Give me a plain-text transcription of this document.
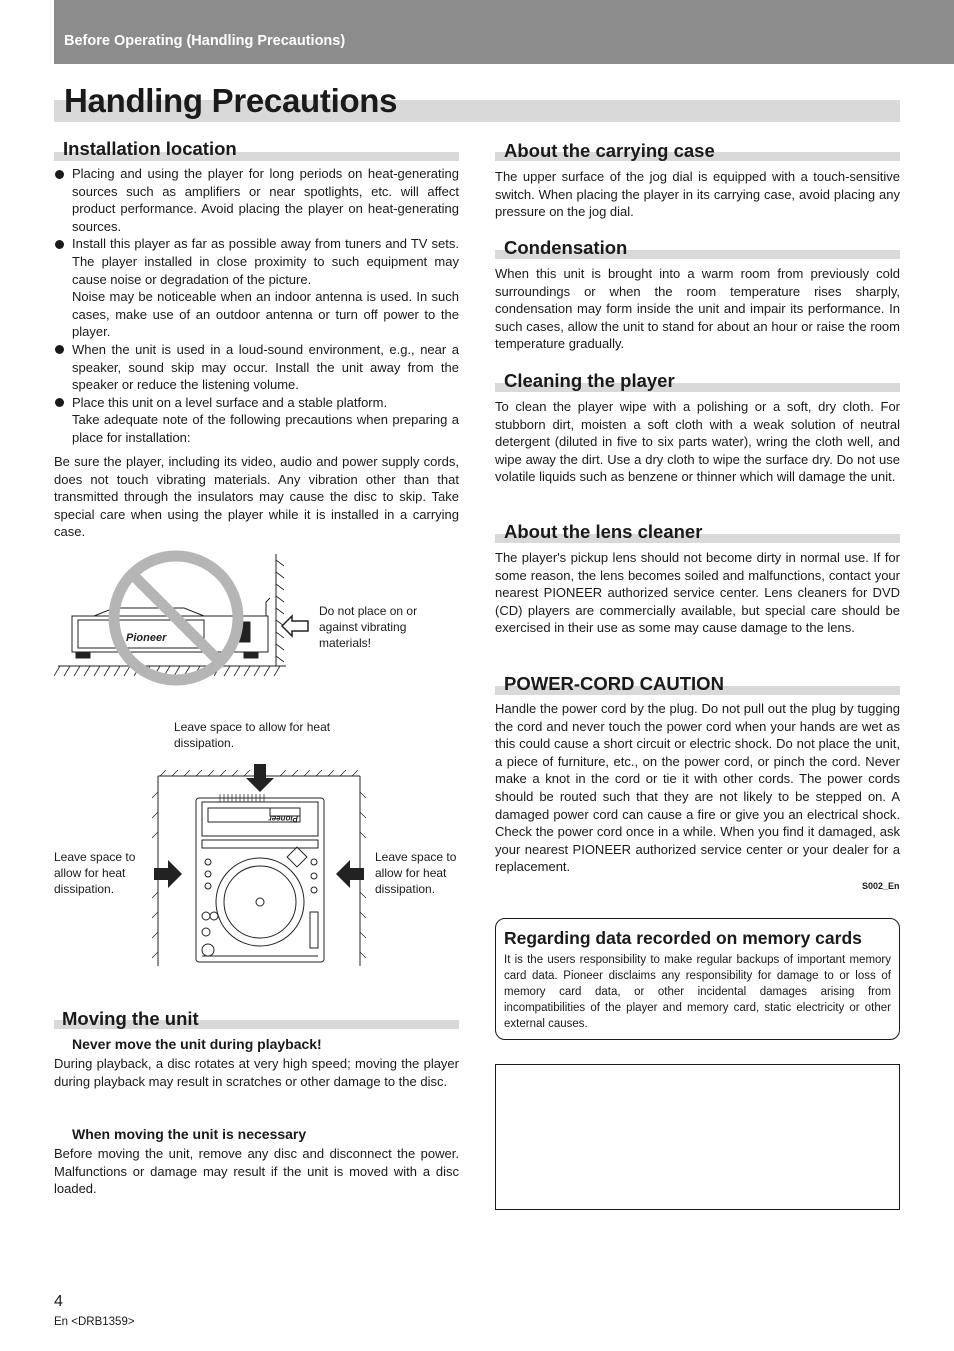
Before Operating (Handling Precautions)
Handling Precautions
Installation location
Placing and using the player for long periods on heat-generating sources such as amplifiers or near spotlights, etc. will affect product performance. Avoid placing the player on heat-generating sources.
Install this player as far as possible away from tuners and TV sets. The player installed in close proximity to such equipment may cause noise or degradation of the picture.
Noise may be noticeable when an indoor antenna is used. In such cases, make use of an outdoor antenna or turn off power to the player.
When the unit is used in a loud-sound environment, e.g., near a speaker, sound skip may occur. Install the unit away from the speaker or reduce the listening volume.
Place this unit on a level surface and a stable platform.
Take adequate note of the following precautions when preparing a place for installation:

Be sure the player, including its video, audio and power supply cords, does not touch vibrating materials. Any vibration other than that transmitted through the insulators may cause the disc to skip. Take special care when using the player while it is installed in a carrying case.

Pioneer

Do not place on or against vibrating materials!

Leave space to allow for heat dissipation.

Leave space to allow for heat dissipation.

Leave space to allow for heat dissipation.

Pioneer
Moving the unit
Never move the unit during playback!

During playback, a disc rotates at very high speed; moving the player during playback may result in scratches or other damage to the disc.

When moving the unit is necessary

Before moving the unit, remove any disc and disconnect the power. Malfunctions or damage may result if the unit is moved with a disc loaded.

About the carrying case

The upper surface of the jog dial is equipped with a touch-sensitive switch. When placing the player in its carrying case, avoid placing any pressure on the jog dial.

Condensation

When this unit is brought into a warm room from previously cold surroundings or when the room temperature rises sharply, condensation may form inside the unit and impair its performance. In such cases, allow the unit to stand for about an hour or raise the room temperature gradually.

Cleaning the player

To clean the player wipe with a polishing or a soft, dry cloth. For stubborn dirt, moisten a soft cloth with a weak solution of neutral detergent (diluted in five to six parts water), wring the cloth well, and wipe away the dirt. Use a dry cloth to wipe the surface dry. Do not use volatile liquids such as benzene or thinner which will damage the unit.

About the lens cleaner

The player's pickup lens should not become dirty in normal use. If for some reason, the lens becomes soiled and malfunctions, contact your nearest PIONEER authorized service center. Lens cleaners for DVD (CD) players are commercially available, but special care should be exercised in their use as some may cause damage to the lens.

POWER-CORD CAUTION

Handle the power cord by the plug. Do not pull out the plug by tugging the cord and never touch the power cord when your hands are wet as this could cause a short circuit or electric shock. Do not place the unit, a piece of furniture, etc., on the power cord, or pinch the cord. Never make a knot in the cord or tie it with other cords. The power cords should be routed such that they are not likely to be stepped on. A damaged power cord can cause a fire or give you an electrical shock. Check the power cord once in a while. When you find it damaged, ask your nearest PIONEER authorized service center or your dealer for a replacement.

S002_En

Regarding data recorded on memory cards

It is the users responsibility to make regular backups of important memory card data. Pioneer disclaims any responsibility for damage to or loss of memory card data, or other incidental damages arising from incompatibilities of the player and memory card, static electricity or other external causes.

4

En <DRB1359>
